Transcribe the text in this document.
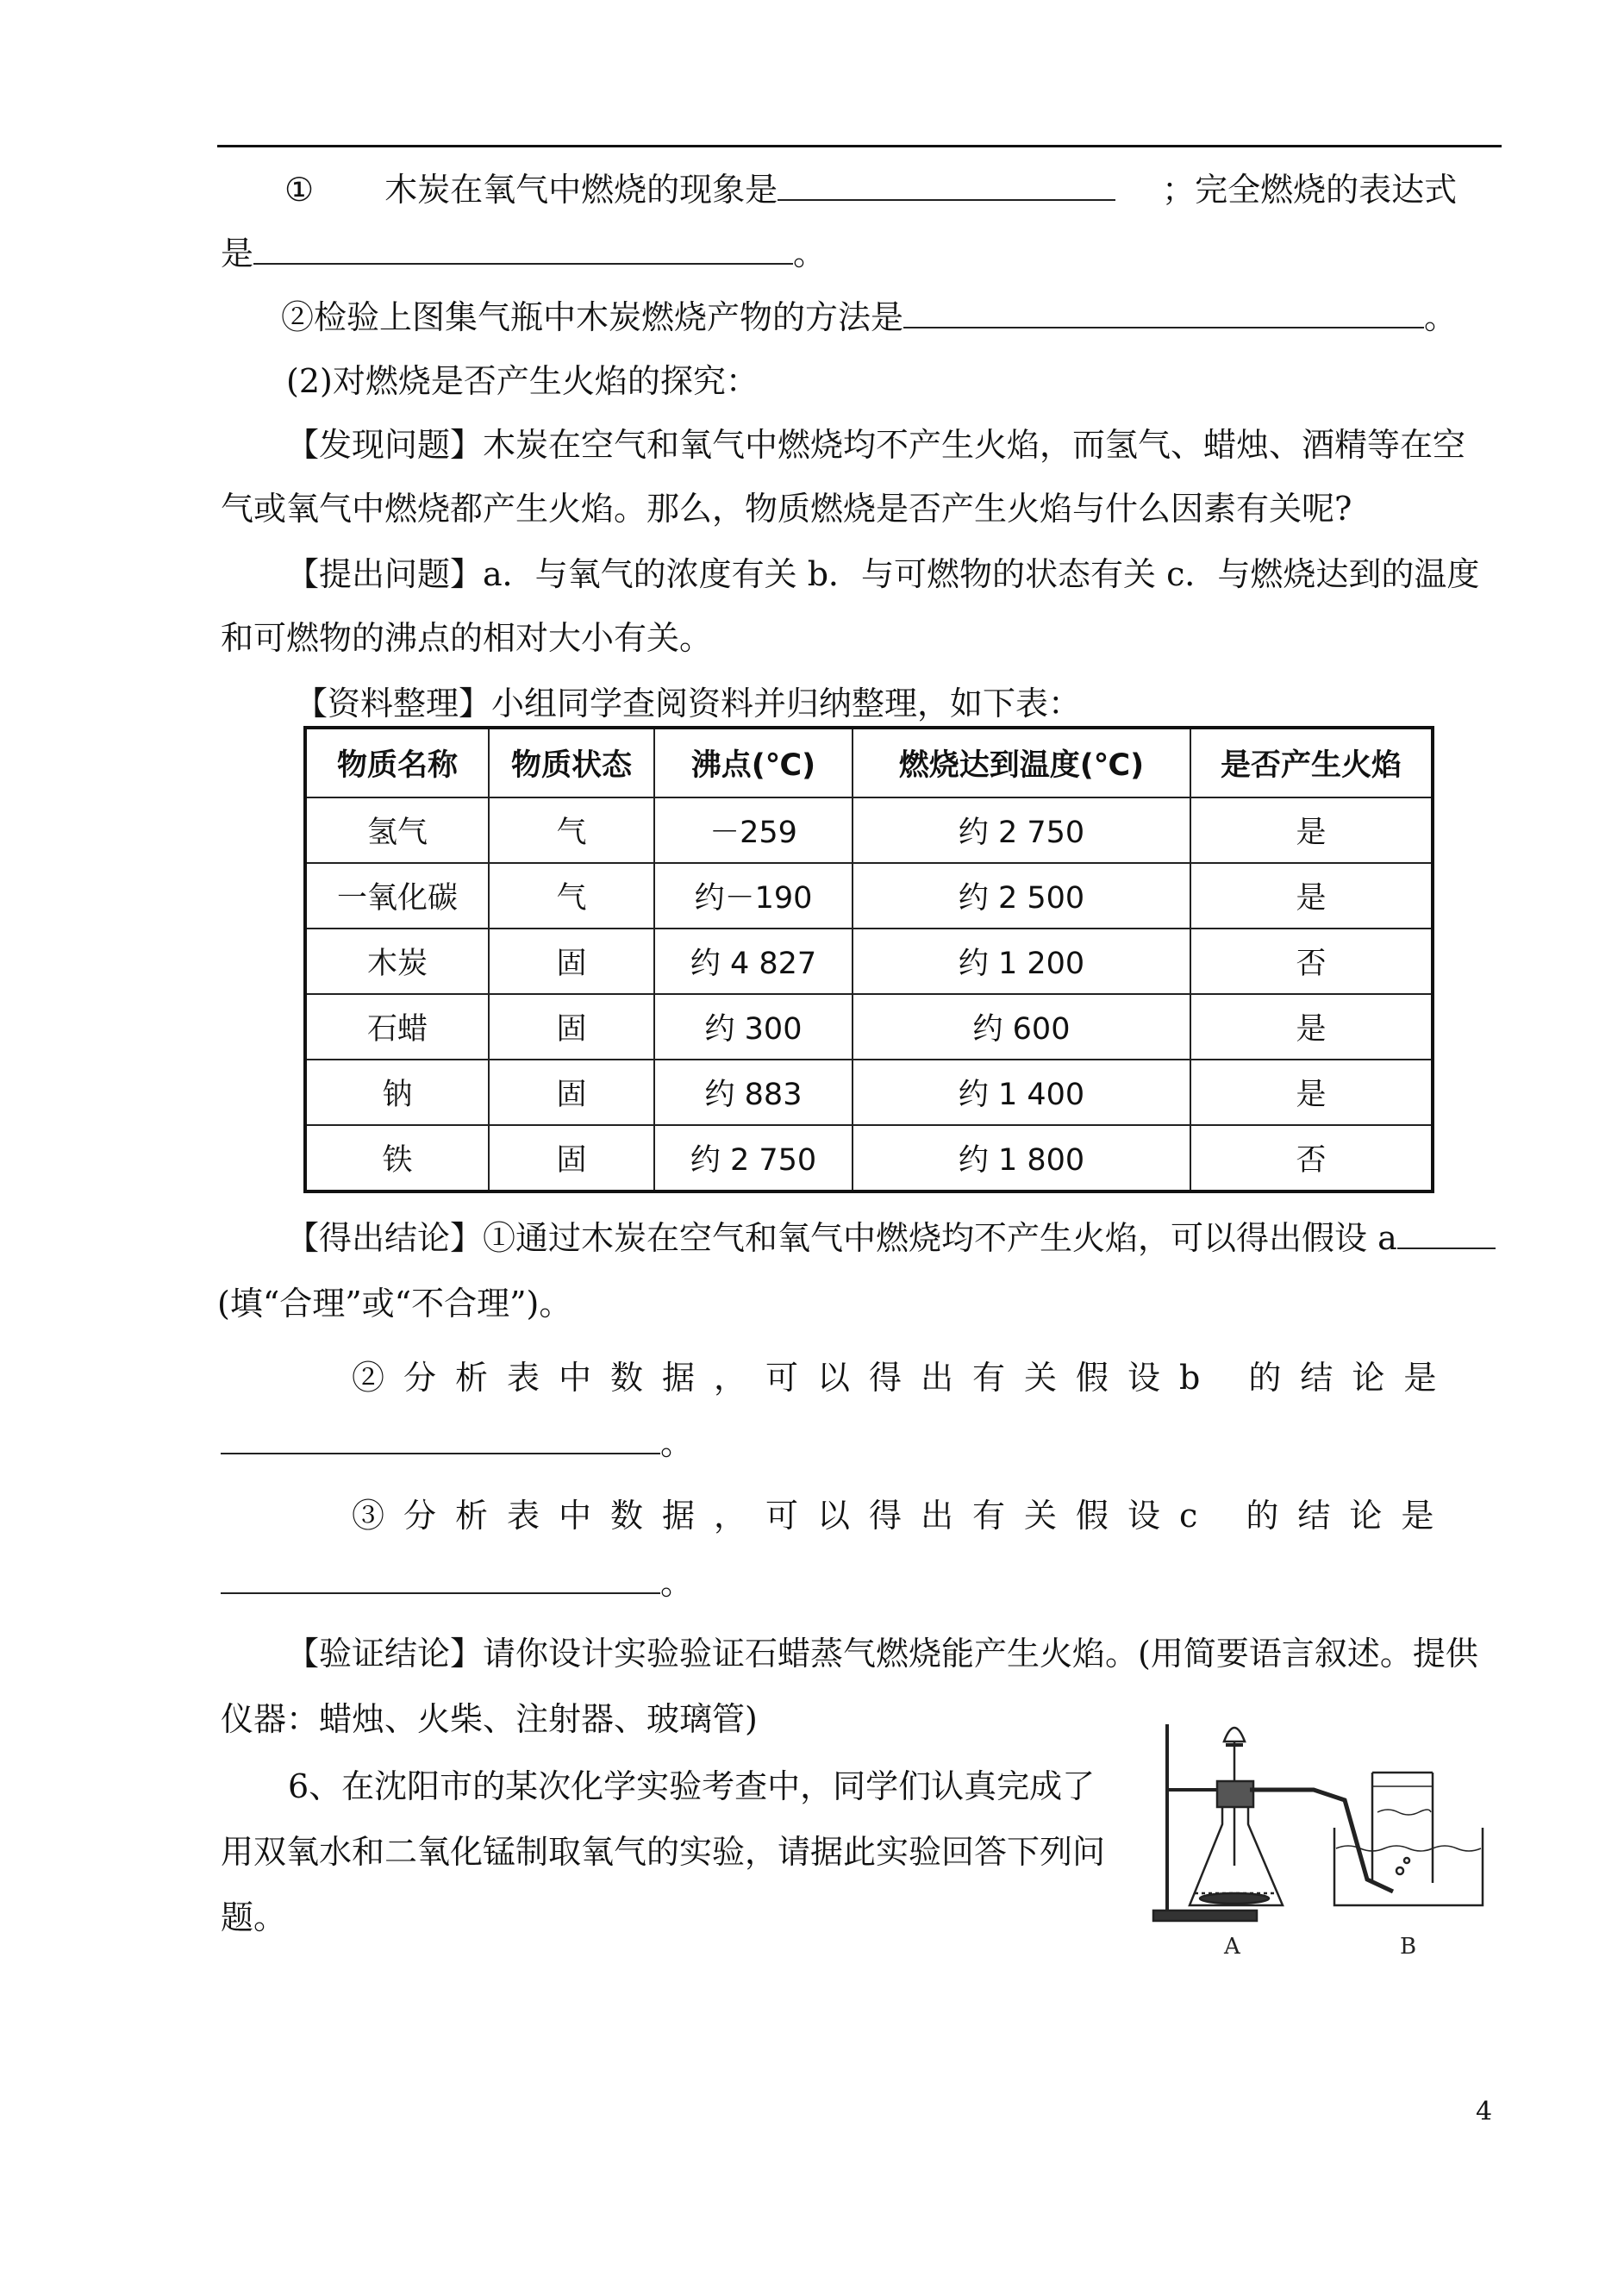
① 木炭在氧气中燃烧的现象是	；完全燃烧的表达式
是	。
②检验上图集气瓶中木炭燃烧产物的方法是	。
(2)对燃烧是否产生火焰的探究：
【发现问题】木炭在空气和氧气中燃烧均不产生火焰，而氢气、蜡烛、酒精等在空
气或氧气中燃烧都产生火焰。那么，物质燃烧是否产生火焰与什么因素有关呢?
【提出问题】a．与氧气的浓度有关 b．与可燃物的状态有关 c．与燃烧达到的温度
和可燃物的沸点的相对大小有关。
【资料整理】小组同学查阅资料并归纳整理，如下表：
物质名称	物质状态	沸点(℃)	燃烧达到温度(℃)	是否产生火焰
氢气	气	－259	约 2 750	是
一氧化碳	气	约－190	约 2 500	是
木炭	固	约 4 827	约 1 200	否
石蜡	固	约 300	约 600	是
钠	固	约 883	约 1 400	是
铁	固	约 2 750	约 1 800	否
【得出结论】①通过木炭在空气和氧气中燃烧均不产生火焰，可以得出假设 a
(填“合理”或“不合理”)。
②分析表中数据，可以得出有关假设b 的结论是
。
③分析表中数据，可以得出有关假设c 的结论是
。
【验证结论】请你设计实验验证石蜡蒸气燃烧能产生火焰。(用简要语言叙述。提供
仪器：蜡烛、火柴、注射器、玻璃管)
6、在沈阳市的某次化学实验考查中，同学们认真完成了
用双氧水和二氧化锰制取氧气的实验，请据此实验回答下列问
题。
A	B
4
